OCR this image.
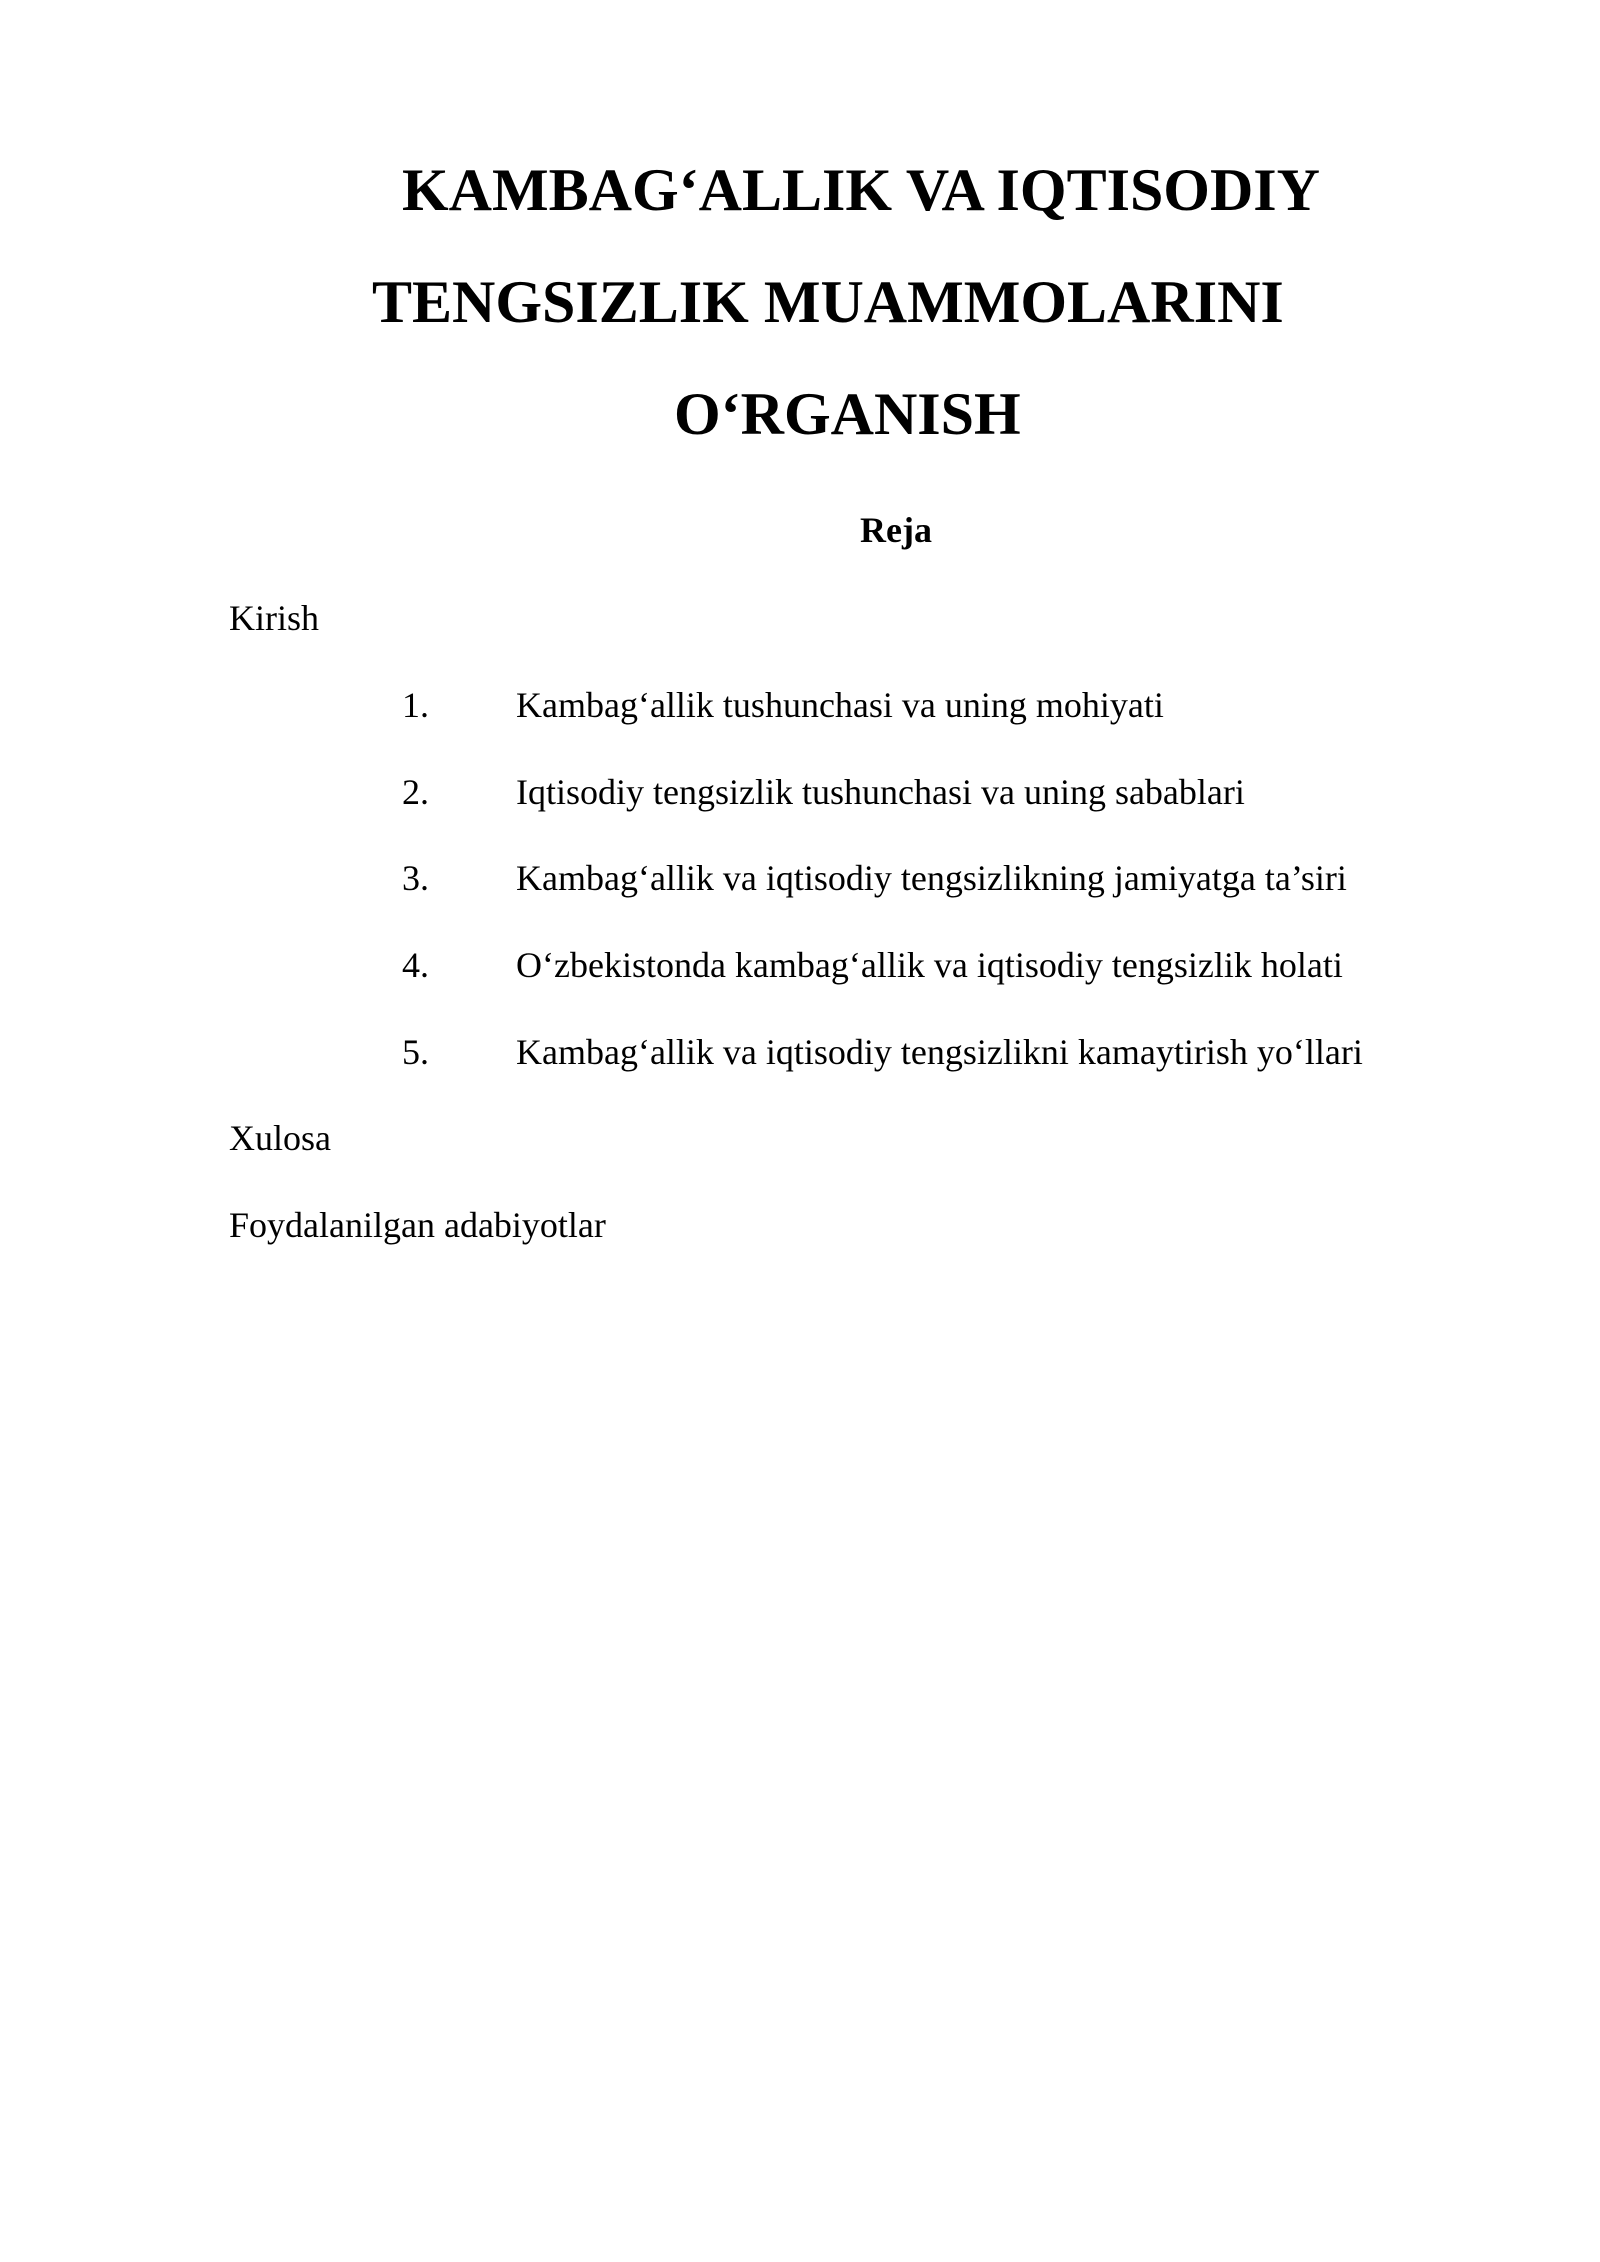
KAMBAG‘ALLIK VA IQTISODIY
TENGSIZLIK MUAMMOLARINI
O‘RGANISH
Reja
Kirish
1. Kambag‘allik tushunchasi va uning mohiyati
2. Iqtisodiy tengsizlik tushunchasi va uning sabablari
3. Kambag‘allik va iqtisodiy tengsizlikning jamiyatga ta’siri
4. O‘zbekistonda kambag‘allik va iqtisodiy tengsizlik holati
5. Kambag‘allik va iqtisodiy tengsizlikni kamaytirish yo‘llari
Xulosa
Foydalanilgan adabiyotlar
